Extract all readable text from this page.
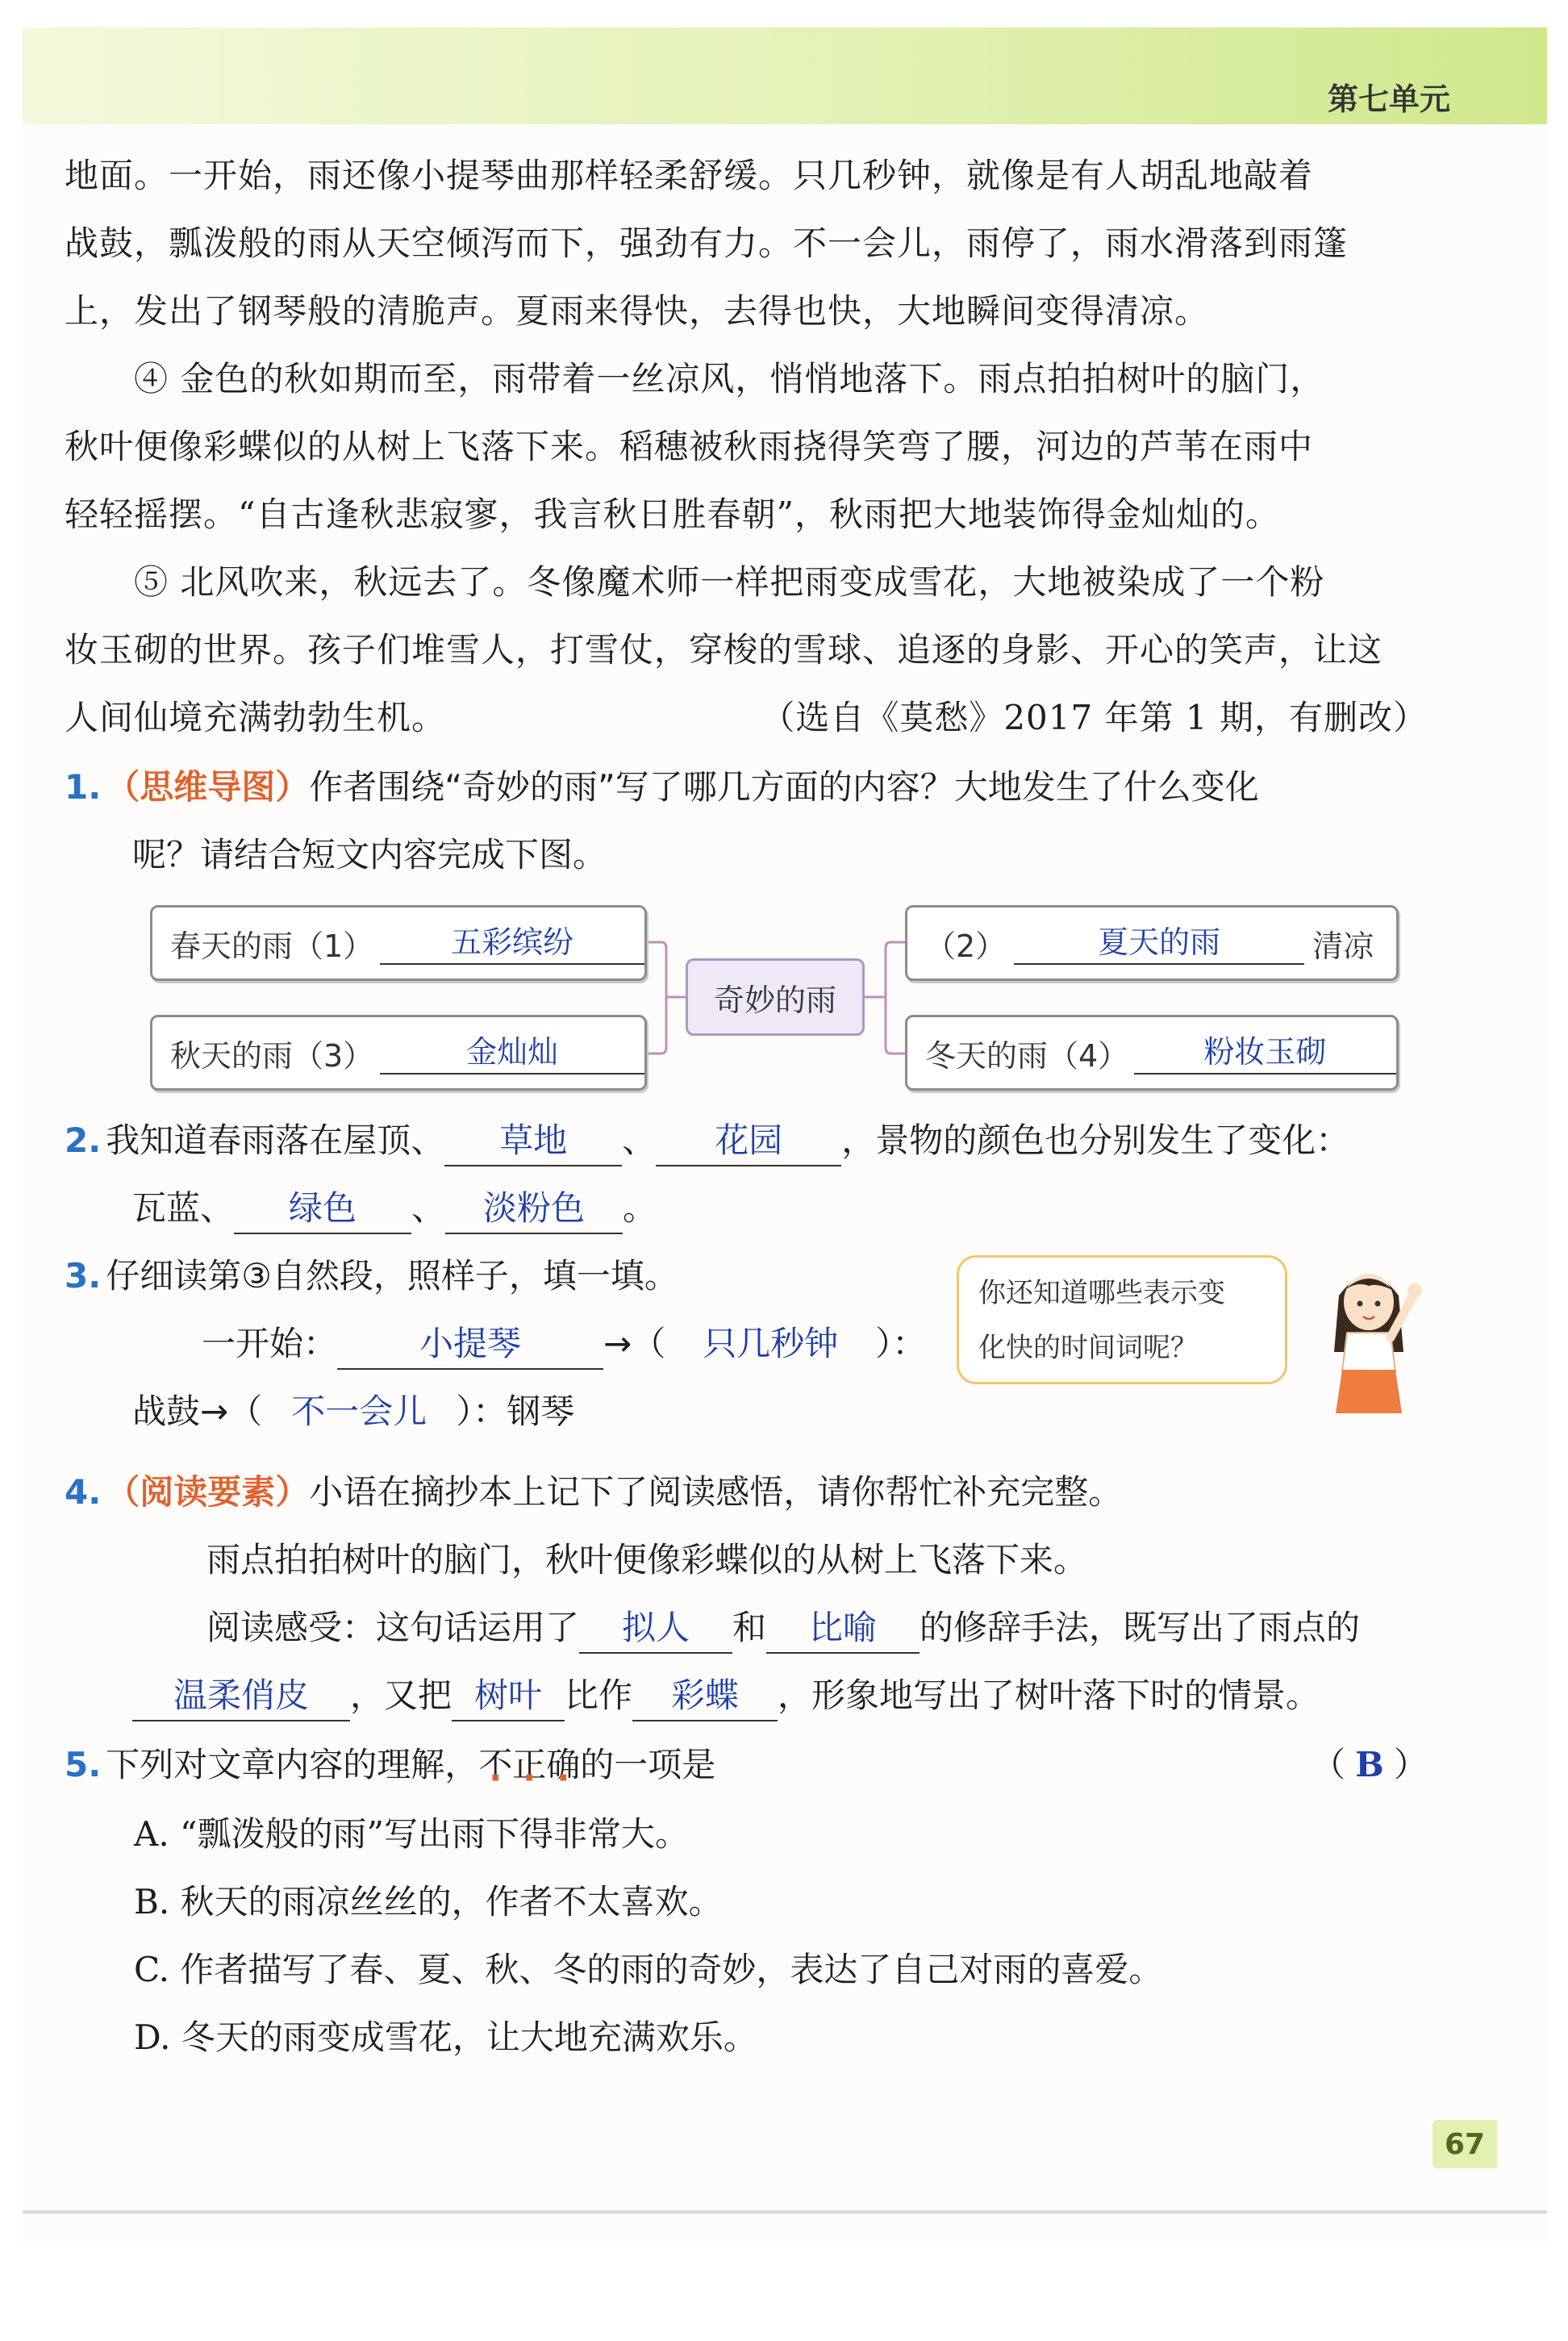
第七单元

地面。一开始，雨还像小提琴曲那样轻柔舒缓。只几秒钟，就像是有人胡乱地敲着

战鼓，瓢泼般的雨从天空倾泻而下，强劲有力。不一会儿，雨停了，雨水滑落到雨篷

上，发出了钢琴般的清脆声。夏雨来得快，去得也快，大地瞬间变得清凉。

④ 金色的秋如期而至，雨带着一丝凉风，悄悄地落下。雨点拍拍树叶的脑门，

秋叶便像彩蝶似的从树上飞落下来。稻穗被秋雨挠得笑弯了腰，河边的芦苇在雨中

轻轻摇摆。“自古逢秋悲寂寥，我言秋日胜春朝”，秋雨把大地装饰得金灿灿的。

⑤ 北风吹来，秋远去了。冬像魔术师一样把雨变成雪花，大地被染成了一个粉

妆玉砌的世界。孩子们堆雪人，打雪仗，穿梭的雪球、追逐的身影、开心的笑声，让这

人间仙境充满勃勃生机。	（选自《莫愁》2017 年第 1 期，有删改）

1. （思维导图）作者围绕“奇妙的雨”写了哪几方面的内容？大地发生了什么变化
呢？请结合短文内容完成下图。
春天的雨（1）	五彩缤纷	（2）	夏天的雨	清凉
奇妙的雨
秋天的雨（3）	金灿灿	冬天的雨（4）	粉妆玉砌
2. 我知道春雨落在屋顶、 草地 、 花园 ，景物的颜色也分别发生了变化：
瓦蓝、 绿色 、 淡粉色 。
3. 仔细读第③自然段，照样子，填一填。
一开始： 小提琴 →（ 只几秒钟 ）：
战鼓→（ 不一会儿 ）：钢琴
你还知道哪些表示变
化快的时间词呢？
4. （阅读要素）小语在摘抄本上记下了阅读感悟，请你帮忙补充完整。
雨点拍拍树叶的脑门，秋叶便像彩蝶似的从树上飞落下来。
阅读感受：这句话运用了 拟人 和 比喻 的修辞手法，既写出了雨点的
温柔俏皮 ，又把 树叶 比作 彩蝶 ，形象地写出了树叶落下时的情景。
5. 下列对文章内容的理解，不正确的一项是	（ B ）
A. “瓢泼般的雨”写出雨下得非常大。
B. 秋天的雨凉丝丝的，作者不太喜欢。
C. 作者描写了春、夏、秋、冬的雨的奇妙，表达了自己对雨的喜爱。
D. 冬天的雨变成雪花，让大地充满欢乐。
67
